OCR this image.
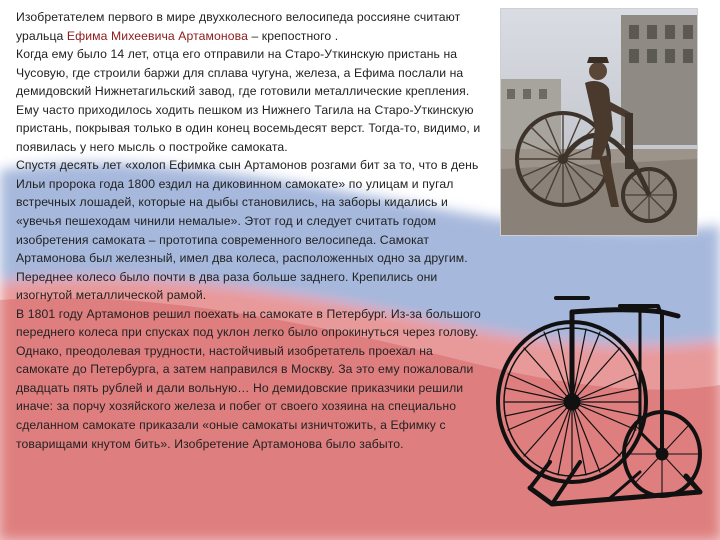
Изобретателем первого в мире двухколесного велосипеда россияне считают уральца Ефима Михеевича Артамонова – крепостного .

Когда ему было 14 лет, отца его отправили на Старо-Уткинскую пристань на Чусовую, где строили баржи для сплава чугуна, железа, а Ефима послали на демидовский Нижнетагильский завод, где готовили металлические крепления. Ему часто приходилось ходить пешком из Нижнего Тагила на Старо-Уткинскую пристань, покрывая только в один конец восемьдесят верст. Тогда-то, видимо, и появилась у него мысль о постройке самоката.

Спустя десять лет «холоп Ефимка сын Артамонов розгами бит за то, что в день Ильи пророка года 1800 ездил на диковинном самокате» по улицам и пугал встречных лошадей, которые на дыбы становились, на заборы кидались и «увечья пешеходам чинили немалые». Этот год и следует считать годом изобретения самоката – прототипа современного велосипеда. Самокат Артамонова был железный, имел два колеса, расположенных одно за другим. Переднее колесо было почти в два раза больше заднего. Крепились они изогнутой металлической рамой.

В 1801 году Артамонов решил поехать на самокате в Петербург. Из-за большого переднего колеса при спусках под уклон легко было опрокинуться через голову. Однако, преодолевая трудности, настойчивый изобретатель проехал на самокате до Петербурга, а затем направился в Москву. За это ему пожаловали двадцать пять рублей и дали вольную… Но демидовские приказчики решили иначе: за порчу хозяйского железа и побег от своего хозяина на специально сделанном самокате приказали «оные самокаты изничтожить, а Ефимку с товарищами кнутом бить». Изобретение Артамонова было забыто.
